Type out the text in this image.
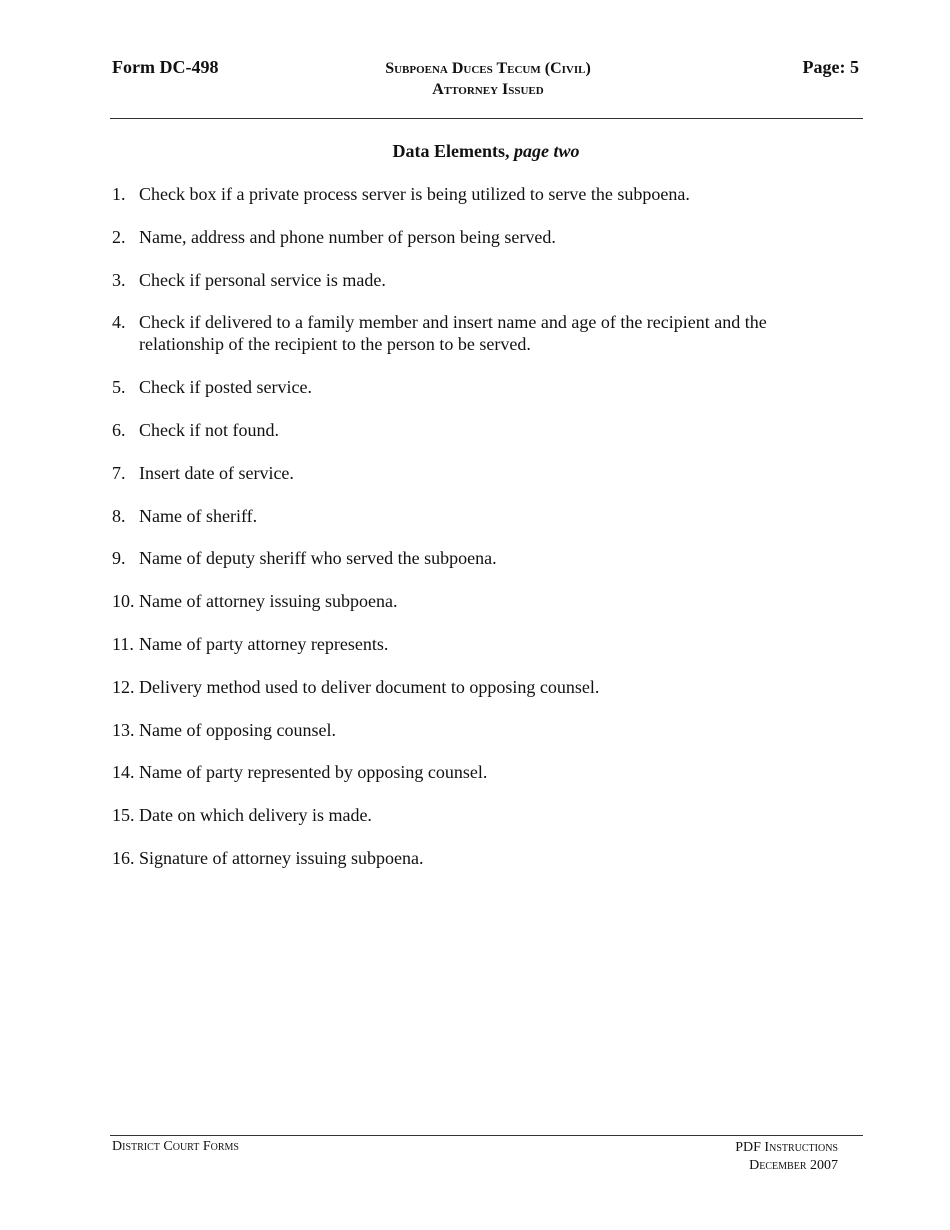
Form DC-498	Subpoena Duces Tecum (Civil)
Attorney Issued
Page: 5
Data Elements, page two
1. Check box if a private process server is being utilized to serve the subpoena.
2. Name, address and phone number of person being served.
3. Check if personal service is made.
4. Check if delivered to a family member and insert name and age of the recipient and the relationship of the recipient to the person to be served.
5. Check if posted service.
6. Check if not found.
7. Insert date of service.
8. Name of sheriff.
9. Name of deputy sheriff who served the subpoena.
10. Name of attorney issuing subpoena.
11. Name of party attorney represents.
12. Delivery method used to deliver document to opposing counsel.
13. Name of opposing counsel.
14. Name of party represented by opposing counsel.
15. Date on which delivery is made.
16. Signature of attorney issuing subpoena.
District Court Forms	PDF Instructions
December 2007
